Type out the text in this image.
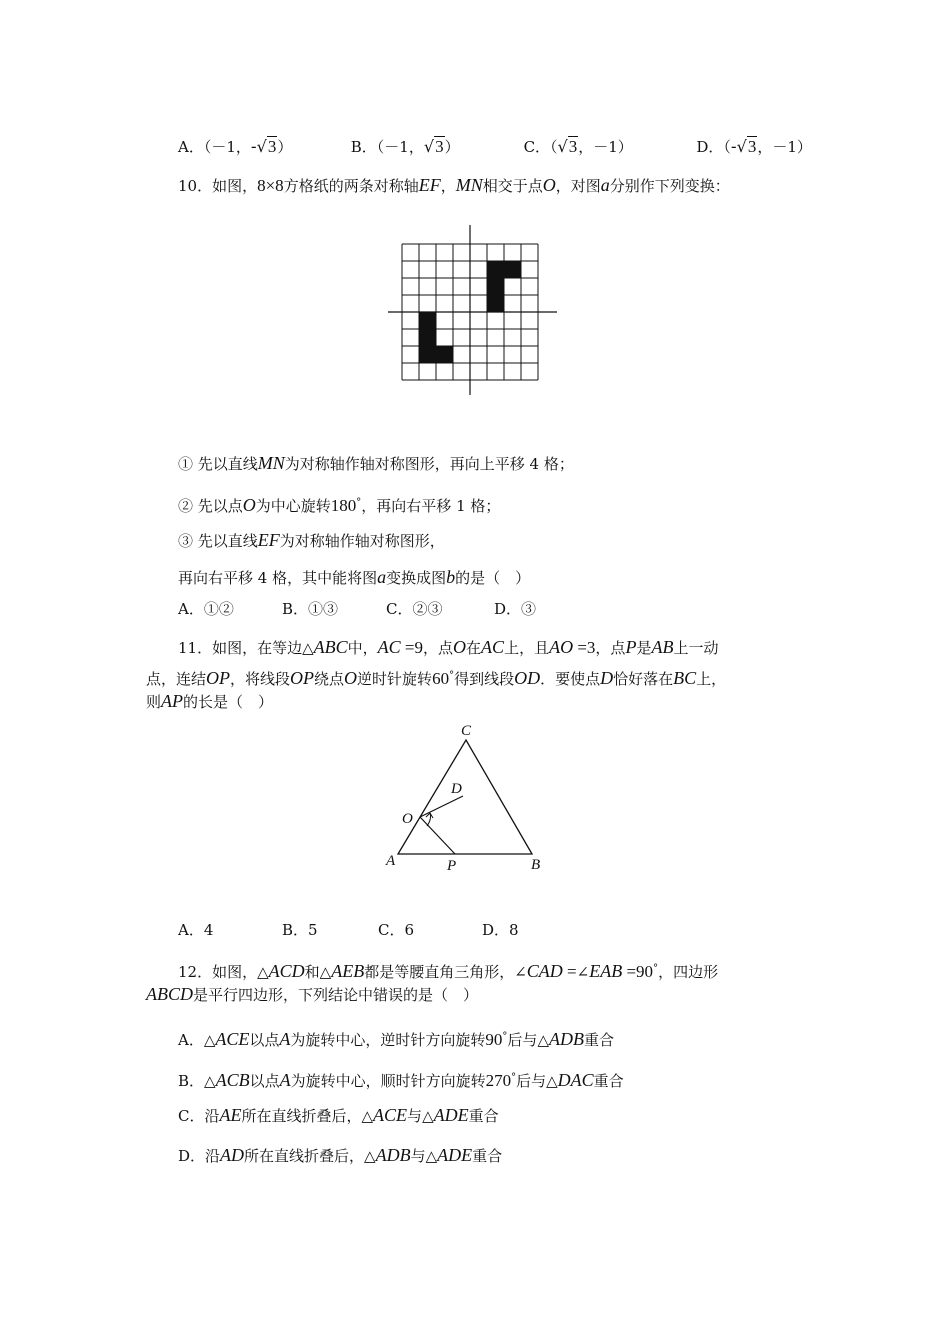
A．（－1，-√3）	B．（－1，√3）	C．（√3，－1）	D．（-√3，－1）
10．如图，8×8方格纸的两条对称轴EF，MN相交于点O，对图a分别作下列变换：
① 先以直线MN为对称轴作轴对称图形，再向上平移 4 格；
② 先以点O为中心旋转180°，再向右平移 1 格；
③ 先以直线EF为对称轴作轴对称图形，
再向右平移 4 格，其中能将图a变换成图b的是（　）
A．①②	B．①③	C．②③	D．③
11．如图，在等边△ABC中，AC =9，点O在AC上，且AO =3，点P是AB上一动
点，连结OP，将线段OP绕点O逆时针旋转60°得到线段OD．要使点D恰好落在BC上，
则AP的长是（　）
C
D
O
A	P	B
A．4	B．5	C．6	D．8
12．如图，△ACD和△AEB都是等腰直角三角形，∠CAD =∠EAB =90°，四边形
ABCD是平行四边形，下列结论中错误的是（　）
A．△ACE以点A为旋转中心，逆时针方向旋转90°后与△ADB重合
B．△ACB以点A为旋转中心，顺时针方向旋转270°后与△DAC重合
C．沿AE所在直线折叠后，△ACE与△ADE重合
D．沿AD所在直线折叠后，△ADB与△ADE重合
